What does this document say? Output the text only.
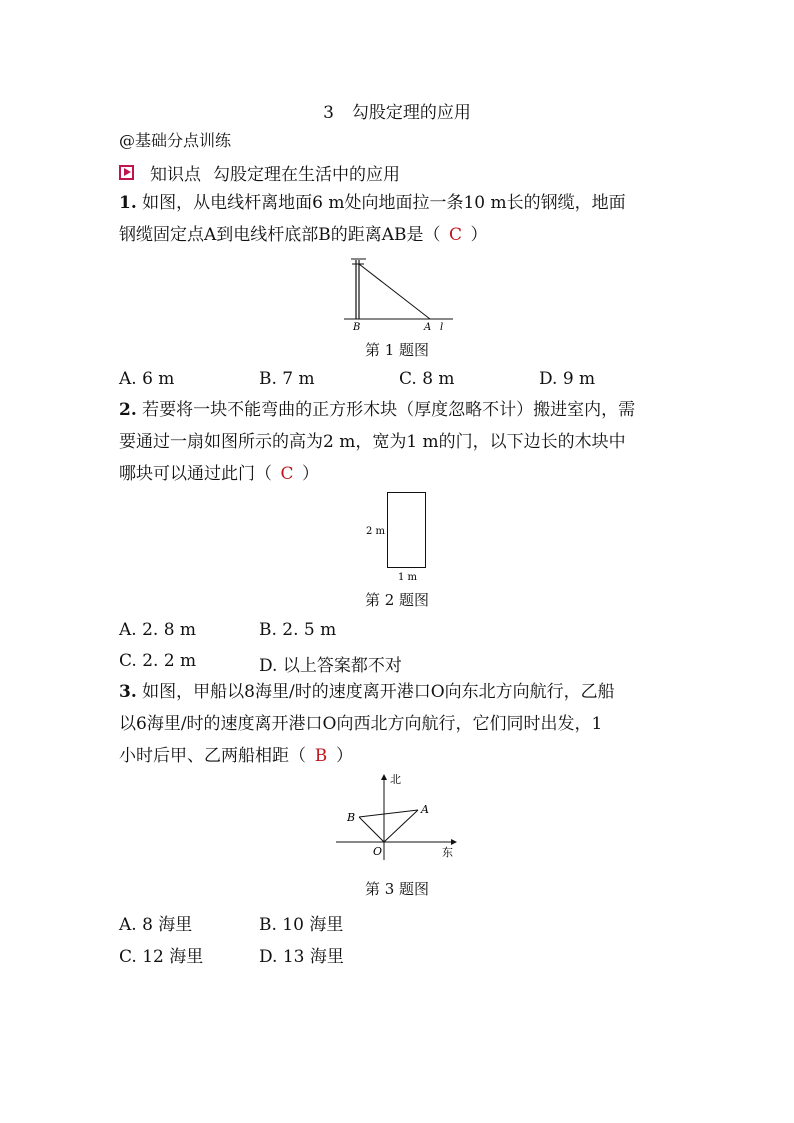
3 勾股定理的应用
@基础分点训练
知识点 勾股定理在生活中的应用
1. 如图，从电线杆离地面6 m处向地面拉一条10 m长的钢缆，地面
钢缆固定点A到电线杆底部B的距离AB是（ C ）
B	A l
第 1 题图
A. 6 m	B. 7 m	C. 8 m	D. 9 m
2. 若要将一块不能弯曲的正方形木块（厚度忽略不计）搬进室内，需
要通过一扇如图所示的高为2 m，宽为1 m的门，以下边长的木块中
哪块可以通过此门（ C ）
2 m
1 m
第 2 题图
A. 2. 8 m	B. 2. 5 m
C. 2. 2 m	D. 以上答案都不对
3. 如图，甲船以8海里/时的速度离开港口O向东北方向航行，乙船
以6海里/时的速度离开港口O向西北方向航行，它们同时出发，1
小时后甲、乙两船相距（ B ）
北
东
O
A
B
第 3 题图
A. 8 海里	B. 10 海里
C. 12 海里	D. 13 海里
